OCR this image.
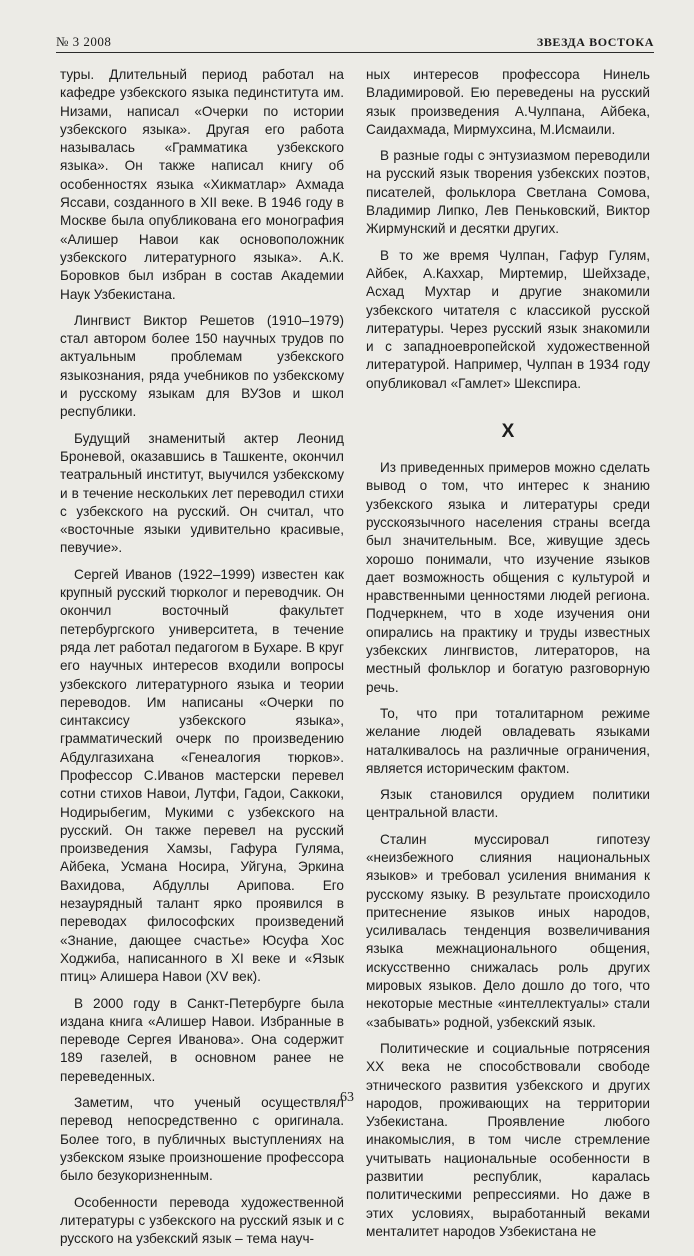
№ 3 2008	ЗВЕЗДА ВОСТОКА

туры. Длительный период работал на кафедре узбекского языка пединститута им. Низами, написал «Очерки по истории узбекского языка». Другая его работа называлась «Грамматика узбекского языка». Он также написал книгу об особенностях языка «Хикматлар» Ахмада Яссави, созданного в XII веке. В 1946 году в Москве была опубликована его монография «Алишер Навои как основоположник узбекского литературного языка». А.К. Боровков был избран в состав Академии Наук Узбекистана.

Лингвист Виктор Решетов (1910–1979) стал автором более 150 научных трудов по актуальным проблемам узбекского языкознания, ряда учебников по узбекскому и русскому языкам для ВУЗов и школ республики.

Будущий знаменитый актер Леонид Броневой, оказавшись в Ташкенте, окончил театральный институт, выучился узбекскому и в течение нескольких лет переводил стихи с узбекского на русский. Он считал, что «восточные языки удивительно красивые, певучие».

Сергей Иванов (1922–1999) известен как крупный русский тюрколог и переводчик. Он окончил восточный факультет петербургского университета, в течение ряда лет работал педагогом в Бухаре. В круг его научных интересов входили вопросы узбекского литературного языка и теории переводов. Им написаны «Очерки по синтаксису узбекского языка», грамматический очерк по произведению Абдулгазихана «Генеалогия тюрков». Профессор С.Иванов мастерски перевел сотни стихов Навои, Лутфи, Гадои, Саккоки, Нодирыбегим, Мукими с узбекского на русский. Он также перевел на русский произведения Хамзы, Гафура Гуляма, Айбека, Усмана Носира, Уйгуна, Эркина Вахидова, Абдуллы Арипова. Его незаурядный талант ярко проявился в переводах философских произведений «Знание, дающее счастье» Юсуфа Хос Ходжиба, написанного в XI веке и «Язык птиц» Алишера Навои (XV век).

В 2000 году в Санкт-Петербурге была издана книга «Алишер Навои. Избранные в переводе Сергея Иванова». Она содержит 189 газелей, в основном ранее не переведенных.

Заметим, что ученый осуществлял перевод непосредственно с оригинала. Более того, в публичных выступлениях на узбекском языке произношение профессора было безукоризненным.

Особенности перевода художественной литературы с узбекского на русский язык и с русского на узбекский язык – тема науч-

ных интересов профессора Нинель Владимировой. Ею переведены на русский язык произведения А.Чулпана, Айбека, Саидахмада, Мирмухсина, М.Исмаили.

В разные годы с энтузиазмом переводили на русский язык творения узбекских поэтов, писателей, фольклора Светлана Сомова, Владимир Липко, Лев Пеньковский, Виктор Жирмунский и десятки других.

В то же время Чулпан, Гафур Гулям, Айбек, А.Каххар, Миртемир, Шейхзаде, Асхад Мухтар и другие знакомили узбекского читателя с классикой русской литературы. Через русский язык знакомили и с западноевропейской художественной литературой. Например, Чулпан в 1934 году опубликовал «Гамлет» Шекспира.

X

Из приведенных примеров можно сделать вывод о том, что интерес к знанию узбекского языка и литературы среди русскоязычного населения страны всегда был значительным. Все, живущие здесь хорошо понимали, что изучение языков дает возможность общения с культурой и нравственными ценностями людей региона. Подчеркнем, что в ходе изучения они опирались на практику и труды известных узбекских лингвистов, литераторов, на местный фольклор и богатую разговорную речь.

То, что при тоталитарном режиме желание людей овладевать языками наталкивалось на различные ограничения, является историческим фактом.

Язык становился орудием политики центральной власти.

Сталин муссировал гипотезу «неизбежного слияния национальных языков» и требовал усиления внимания к русскому языку. В результате происходило притеснение языков иных народов, усиливалась тенденция возвеличивания языка межнационального общения, искусственно снижалась роль других мировых языков. Дело дошло до того, что некоторые местные «интеллектуалы» стали «забывать» родной, узбекский язык.

Политические и социальные потрясения XX века не способствовали свободе этнического развития узбекского и других народов, проживающих на территории Узбекистана. Проявление любого инакомыслия, в том числе стремление учитывать национальные особенности в развитии республик, каралась политическими репрессиями. Но даже в этих условиях, выработанный веками менталитет народов Узбекистана не

63
